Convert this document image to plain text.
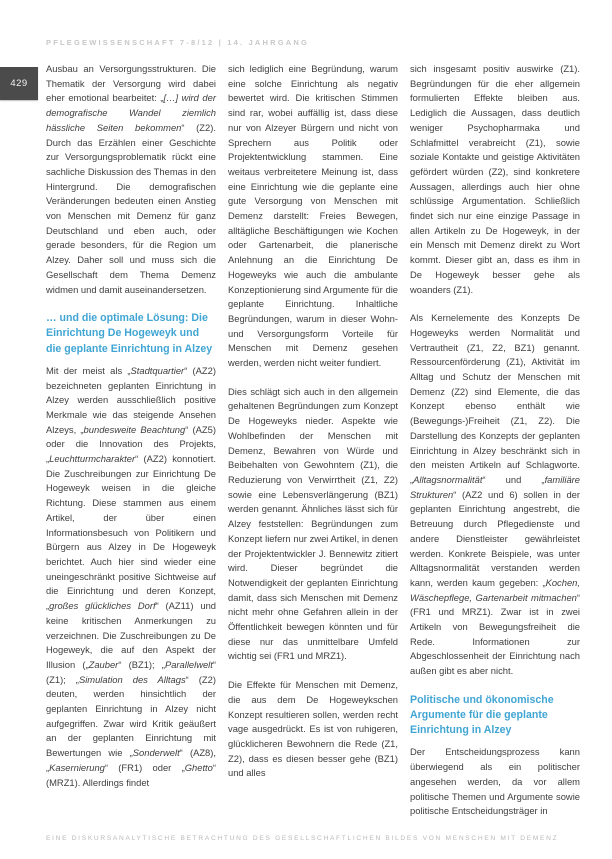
PFLEGEWISSENSCHAFT 7-8/12 | 14. JAHRGANG
429

Ausbau an Versorgungsstrukturen. Die Thematik der Versorgung wird dabei eher emotional bearbeitet: „[…] wird der demografische Wandel ziemlich hässliche Seiten bekommen“ (Z2). Durch das Erzählen einer Geschichte zur Versorgungsproblematik rückt eine sachliche Diskussion des Themas in den Hintergrund. Die demografischen Veränderungen bedeuten einen Anstieg von Menschen mit Demenz für ganz Deutschland und eben auch, oder gerade besonders, für die Region um Alzey. Daher soll und muss sich die Gesellschaft dem Thema Demenz widmen und damit auseinandersetzen.

… und die optimale Lösung: Die Einrichtung De Hogeweyk und die geplante Einrichtung in Alzey

Mit der meist als „Stadtquartier“ (AZ2) bezeichneten geplanten Einrichtung in Alzey werden ausschließlich positive Merkmale wie das steigende Ansehen Alzeys, „bundesweite Beachtung“ (AZ5) oder die Innovation des Projekts, „Leuchtturmcharakter“ (AZ2) konnotiert. Die Zuschreibungen zur Einrichtung De Hogeweyk weisen in die gleiche Richtung. Diese stammen aus einem Artikel, der über einen Informationsbesuch von Politikern und Bürgern aus Alzey in De Hogeweyk berichtet. Auch hier sind wieder eine uneingeschränkt positive Sichtweise auf die Einrichtung und deren Konzept, „großes glückliches Dorf“ (AZ11) und keine kritischen Anmerkungen zu verzeichnen. Die Zuschreibungen zu De Hogeweyk, die auf den Aspekt der Illusion („Zauber“ (BZ1); „Parallelwelt“ (Z1); „Simulation des Alltags“ (Z2) deuten, werden hinsichtlich der geplanten Einrichtung in Alzey nicht aufgegriffen. Zwar wird Kritik geäußert an der geplanten Einrichtung mit Bewertungen wie „Sonderwelt“ (AZ8), „Kasernierung“ (FR1) oder „Ghetto“ (MRZ1). Allerdings findet

sich lediglich eine Begründung, warum eine solche Einrichtung als negativ bewertet wird. Die kritischen Stimmen sind rar, wobei auffällig ist, dass diese nur von Alzeyer Bürgern und nicht von Sprechern aus Politik oder Projektentwicklung stammen. Eine weitaus verbreitetere Meinung ist, dass eine Einrichtung wie die geplante eine gute Versorgung von Menschen mit Demenz darstellt: Freies Bewegen, alltägliche Beschäftigungen wie Kochen oder Gartenarbeit, die planerische Anlehnung an die Einrichtung De Hogeweyks wie auch die ambulante Konzeptionierung sind Argumente für die geplante Einrichtung. Inhaltliche Begründungen, warum in dieser Wohn- und Versorgungsform Vorteile für Menschen mit Demenz gesehen werden, werden nicht weiter fundiert.

Dies schlägt sich auch in den allgemein gehaltenen Begründungen zum Konzept De Hogeweyks nieder. Aspekte wie Wohlbefinden der Menschen mit Demenz, Bewahren von Würde und Beibehalten von Gewohntem (Z1), die Reduzierung von Verwirrtheit (Z1, Z2) sowie eine Lebensverlängerung (BZ1) werden genannt. Ähnliches lässt sich für Alzey feststellen: Begründungen zum Konzept liefern nur zwei Artikel, in denen der Projektentwickler J. Bennewitz zitiert wird. Dieser begründet die Notwendigkeit der geplanten Einrichtung damit, dass sich Menschen mit Demenz nicht mehr ohne Gefahren allein in der Öffentlichkeit bewegen könnten und für diese nur das unmittelbare Umfeld wichtig sei (FR1 und MRZ1).

Die Effekte für Menschen mit Demenz, die aus dem De Hogeweykschen Konzept resultieren sollen, werden recht vage ausgedrückt. Es ist von ruhigeren, glücklicheren Bewohnern die Rede (Z1, Z2), dass es diesen besser gehe (BZ1) und alles

sich insgesamt positiv auswirke (Z1). Begründungen für die eher allgemein formulierten Effekte bleiben aus. Lediglich die Aussagen, dass deutlich weniger Psychopharmaka und Schlafmittel verabreicht (Z1), sowie soziale Kontakte und geistige Aktivitäten gefördert würden (Z2), sind konkretere Aussagen, allerdings auch hier ohne schlüssige Argumentation. Schließlich findet sich nur eine einzige Passage in allen Artikeln zu De Hogeweyk, in der ein Mensch mit Demenz direkt zu Wort kommt. Dieser gibt an, dass es ihm in De Hogeweyk besser gehe als woanders (Z1).

Als Kernelemente des Konzepts De Hogeweyks werden Normalität und Vertrautheit (Z1, Z2, BZ1) genannt. Ressourcenförderung (Z1), Aktivität im Alltag und Schutz der Menschen mit Demenz (Z2) sind Elemente, die das Konzept ebenso enthält wie (Bewegungs-)Freiheit (Z1, Z2). Die Darstellung des Konzepts der geplanten Einrichtung in Alzey beschränkt sich in den meisten Artikeln auf Schlagworte. „Alltagsnormalität“ und „familiäre Strukturen“ (AZ2 und 6) sollen in der geplanten Einrichtung angestrebt, die Betreuung durch Pflegedienste und andere Dienstleister gewährleistet werden. Konkrete Beispiele, was unter Alltagsnormalität verstanden werden kann, werden kaum gegeben: „Kochen, Wäschepflege, Gartenarbeit mitmachen“ (FR1 und MRZ1). Zwar ist in zwei Artikeln von Bewegungsfreiheit die Rede. Informationen zur Abgeschlossenheit der Einrichtung nach außen gibt es aber nicht.

Politische und ökonomische Argumente für die geplante Einrichtung in Alzey

Der Entscheidungsprozess kann überwiegend als ein politischer angesehen werden, da vor allem politische Themen und Argumente sowie politische Entscheidungsträger in

EINE DISKURSANALYTISCHE BETRACHTUNG DES GESELLSCHAFTLICHEN BILDES VON MENSCHEN MIT DEMENZ
